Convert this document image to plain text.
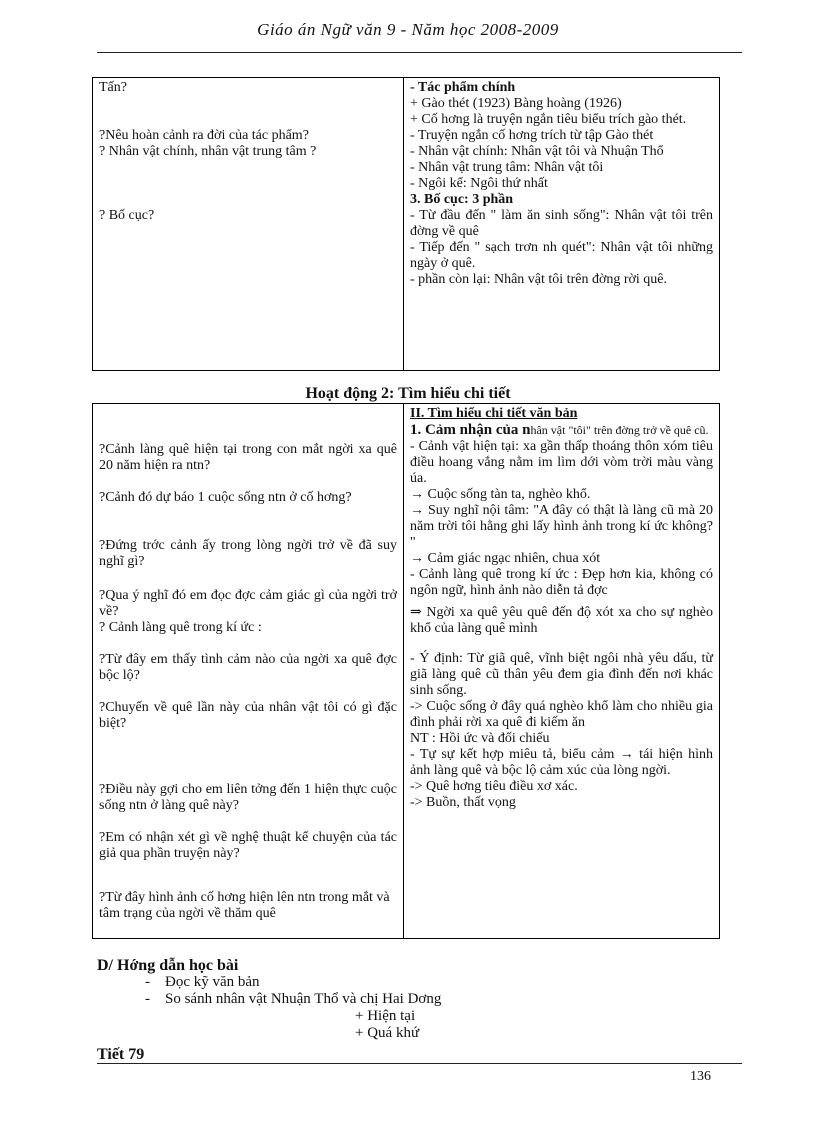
Giáo án Ngữ văn 9 - Năm học 2008-2009
Tấn?
?Nêu hoàn cảnh ra đời của tác phẩm?
? Nhân vật chính, nhân vật trung tâm ?
? Bố cục?
- Tác phẩm chính
+ Gào thét (1923) Bàng hoàng (1926)
+ Cố hơng là truyện ngắn tiêu biểu trích gào thét.
- Truyện ngắn cố hơng trích từ tập Gào thét
- Nhân vật chính: Nhân vật tôi và Nhuận Thổ
- Nhân vật trung tâm: Nhân vật tôi
- Ngôi kể: Ngôi thứ nhất
3. Bố cục: 3 phần
- Từ đầu đến " làm ăn sinh sống": Nhân vật tôi trên đờng về quê
- Tiếp đến " sạch trơn nh quét": Nhân vật tôi những ngày ở quê.
- phần còn lại: Nhân vật tôi trên đờng rời quê.
Hoạt động 2: Tìm hiểu chi tiết
?Cảnh làng quê hiện tại trong con mắt ngời xa quê 20 năm hiện ra ntn?
?Cảnh đó dự báo 1 cuộc sống ntn ở cố hơng?
?Đứng trớc cảnh ấy trong lòng ngời trở về đã suy nghĩ gì?
?Qua ý nghĩ đó em đọc đợc cảm giác gì của ngời trở về?
? Cảnh làng quê trong kí ức :
?Từ đây em thấy tình cảm nào của ngời xa quê đợc bộc lộ?
?Chuyến về quê lần này của nhân vật tôi có gì đặc biệt?
?Điều này gợi cho em liên tởng đến 1 hiện thực cuộc sống ntn ở làng quê này?
?Em có nhận xét gì về nghệ thuật kể chuyện của tác giả qua phần truyện này?
?Từ đây hình ảnh cố hơng hiện lên ntn trong mắt và tâm trạng của ngời về thăm quê
II. Tìm hiểu chi tiết văn bản
1. Cảm nhận của nhân vật "tôi" trên đờng trở về quê cũ.
- Cảnh vật hiện tại: xa gần thấp thoáng thôn xóm tiêu điều hoang vắng nằm im lìm dới vòm trời màu vàng úa.
→ Cuộc sống tàn ta, nghèo khổ.
→ Suy nghĩ nội tâm: "A đây có thật là làng cũ mà 20 năm trời tôi hằng ghi lấy hình ảnh trong kí ức không? "
→ Cảm giác ngạc nhiên, chua xót
- Cảnh làng quê trong kí ức : Đẹp hơn kia, không có ngôn ngữ, hình ảnh nào diễn tả đợc
⇒ Ngời xa quê yêu quê đến độ xót xa cho sự nghèo khổ của làng quê mình
- Ý định: Từ giã quê, vĩnh biệt ngôi nhà yêu dấu, từ giã làng quê cũ thân yêu đem gia đình đến nơi khác sinh sống.
-> Cuộc sống ở đây quá nghèo khổ làm cho nhiều gia đình phải rời xa quê đi kiếm ăn
NT : Hồi ức và đối chiếu
- Tự sự kết hợp miêu tả, biểu cảm → tái hiện hình ảnh làng quê và bộc lộ cảm xúc của lòng ngời.
-> Quê hơng tiêu điều xơ xác.
-> Buồn, thất vọng
D/ Hớng dẫn học bài
-    Đọc kỹ văn bản
-    So sánh nhân vật Nhuận Thổ và chị Hai Dơng
+ Hiện tại
+ Quá khứ
Tiết 79
136
